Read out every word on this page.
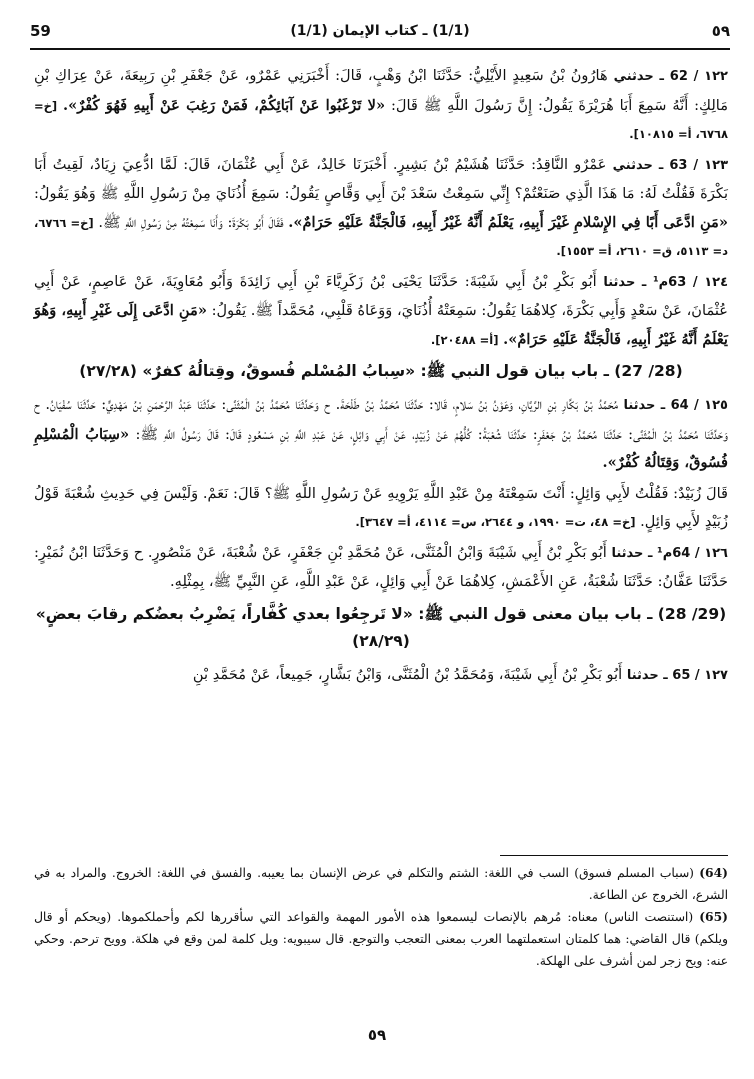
59	(1/1) ـ كتاب الإيمان (1/1)	٥٩

١٢٢ / 62 ـ حدثني هَارُونُ بْنُ سَعِيدٍ الأَيْلِيُّ: حَدَّثَنَا ابْنُ وَهْبٍ، قَالَ: أَخْبَرَنِي عَمْرٌو، عَنْ جَعْفَرِ بْنِ رَبِيعَةَ، عَنْ عِرَاكِ بْنِ مَالِكٍ: أَنَّهُ سَمِعَ أَبَا هُرَيْرَةَ يَقُولُ: إِنَّ رَسُولَ اللَّهِ ﷺ قَالَ: «لا تَرْغَبُوا عَنْ آبَائِكُمْ، فَمَنْ رَغِبَ عَنْ أَبِيهِ فَهُوَ كُفْرٌ». [خ= ٦٧٦٨، أ= ١٠٨١٥].

١٢٣ / 63 ـ حدثني عَمْرٌو النَّاقِدُ: حَدَّثَنَا هُشَيْمُ بْنُ بَشِيرٍ. أَخْبَرَنَا خَالِدٌ، عَنْ أَبِي عُثْمَانَ، قَالَ: لَمَّا ادُّعِيَ زِيَادٌ، لَقِيتُ أَبَا بَكْرَةَ فَقُلْتُ لَهُ: مَا هَذَا الَّذِي صَنَعْتُمْ؟ إِنِّي سَمِعْتُ سَعْدَ بْنَ أَبِي وَقَّاصٍ يَقُولُ: سَمِعَ أُذُنَايَ مِنْ رَسُولِ اللَّهِ ﷺ وَهُوَ يَقُولُ: «مَنِ ادَّعَى أَبًا فِي الإِسْلامِ غَيْرَ أَبِيهِ، يَعْلَمُ أَنَّهُ غَيْرُ أَبِيهِ، فَالْجَنَّةُ عَلَيْهِ حَرَامٌ». فَقَالَ أَبُو بَكْرَةَ: وَأَنَا سَمِعْتُهُ مِنْ رَسُولِ اللَّهِ ﷺ. [خ= ٦٧٦٦، د= ٥١١٣، ق= ٢٦١٠، أ= ١٥٥٣].

١٢٤ / 63م¹ ـ حدثنا أَبُو بَكْرِ بْنُ أَبِي شَيْبَةَ: حَدَّثَنَا يَحْيَى بْنُ زَكَرِيَّاءَ بْنِ أَبِي زَائِدَةَ وَأَبُو مُعَاوِيَةَ، عَنْ عَاصِمٍ، عَنْ أَبِي عُثْمَانَ، عَنْ سَعْدٍ وَأَبِي بَكْرَةَ، كِلاهُمَا يَقُولُ: سَمِعَتْهُ أُذُنَايَ، وَوَعَاهُ قَلْبِي، مُحَمَّداً ﷺ. يَقُولُ: «مَنِ ادَّعَى إِلَى غَيْرِ أَبِيهِ، وَهُوَ يَعْلَمُ أَنَّهُ غَيْرُ أَبِيهِ، فَالْجَنَّةُ عَلَيْهِ حَرَامٌ». [أ= ٢٠٤٨٨].

(28/ 27) ـ باب بيان قول النبي ﷺ: «سِبابُ المُسْلم فُسوقٌ، وقِتالُهُ كفرٌ» (٢٧/٢٨)

١٢٥ / 64 ـ حدثنا مُحَمَّدُ بْنُ بَكَّارِ بْنِ الرَّيَّانِ، وَعَوْنُ بْنُ سَلامٍ، قَالا: حَدَّثَنَا مُحَمَّدُ بْنُ طَلْحَةَ. ح وَحَدَّثَنَا مُحَمَّدُ بْنُ الْمُثَنَّى: حَدَّثَنَا عَبْدُ الرَّحْمَنِ بْنُ مَهْدِيٍّ: حَدَّثَنَا سُفْيَانُ. ح وَحَدَّثَنَا مُحَمَّدُ بْنُ الْمُثَنَّى: حَدَّثَنَا مُحَمَّدُ بْنُ جَعْفَرٍ: حَدَّثَنَا شُعْبَةُ: كُلُّهُمْ عَنْ زُبَيْدٍ، عَنْ أَبِي وَائِلٍ، عَنْ عَبْدِ اللَّهِ بْنِ مَسْعُودٍ قَالَ: قَالَ رَسُولُ اللَّهِ ﷺ: «سِبَابُ الْمُسْلِمِ فُسُوقٌ، وَقِتَالُهُ كُفْرٌ».

قَالَ زُبَيْدٌ: فَقُلْتُ لأَبِي وَائِلٍ: أَنْتَ سَمِعْتَهُ مِنْ عَبْدِ اللَّهِ يَرْوِيهِ عَنْ رَسُولِ اللَّهِ ﷺ؟ قَالَ: نَعَمْ. وَلَيْسَ فِي حَدِيثِ شُعْبَةَ قَوْلُ زُبَيْدٍ لأَبِي وَائِلٍ. [خ= ٤٨، ت= ١٩٩٠، و ٢٦٤٤، س= ٤١١٤، أ= ٣٦٤٧].

١٢٦ / 64م¹ ـ حدثنا أَبُو بَكْرِ بْنُ أَبِي شَيْبَةَ وَابْنُ الْمُثَنَّى، عَنْ مُحَمَّدِ بْنِ جَعْفَرٍ، عَنْ شُعْبَةَ، عَنْ مَنْصُورٍ. ح وَحَدَّثَنَا ابْنُ نُمَيْرٍ: حَدَّثَنَا عَفَّانُ: حَدَّثَنَا شُعْبَةُ، عَنِ الأَعْمَشِ، كِلاهُمَا عَنْ أَبِي وَائِلٍ، عَنْ عَبْدِ اللَّهِ، عَنِ النَّبِيِّ ﷺ، بِمِثْلِهِ.

(29/ 28) ـ باب بيان معنى قول النبي ﷺ: «لا تَرجِعُوا بعدي كُفَّاراً، يَضْرِبُ بعضُكم رقابَ بعضٍ» (٢٨/٢٩)

١٢٧ / 65 ـ حدثنا أَبُو بَكْرِ بْنُ أَبِي شَيْبَةَ، وَمُحَمَّدُ بْنُ الْمُثَنَّى، وَابْنُ بَشَّارٍ، جَمِيعاً، عَنْ مُحَمَّدِ بْنِ

(64) (سباب المسلم فسوق) السب في اللغة: الشتم والتكلم في عرض الإنسان بما يعيبه. والفسق في اللغة: الخروج. والمراد به في الشرع، الخروج عن الطاعة.

(65) (استنصت الناس) معناه: مُرهم بالإنصات ليسمعوا هذه الأمور المهمة والقواعد التي سأقررها لكم وأحملكموها. (ويحكم أو قال ويلكم) قال القاضي: هما كلمتان استعملتهما العرب بمعنى التعجب والتوجع. قال سيبويه: ويل كلمة لمن وقع في هلكة. وويح ترحم. وحكي عنه: ويح زجر لمن أشرف على الهلكة.

٥٩
